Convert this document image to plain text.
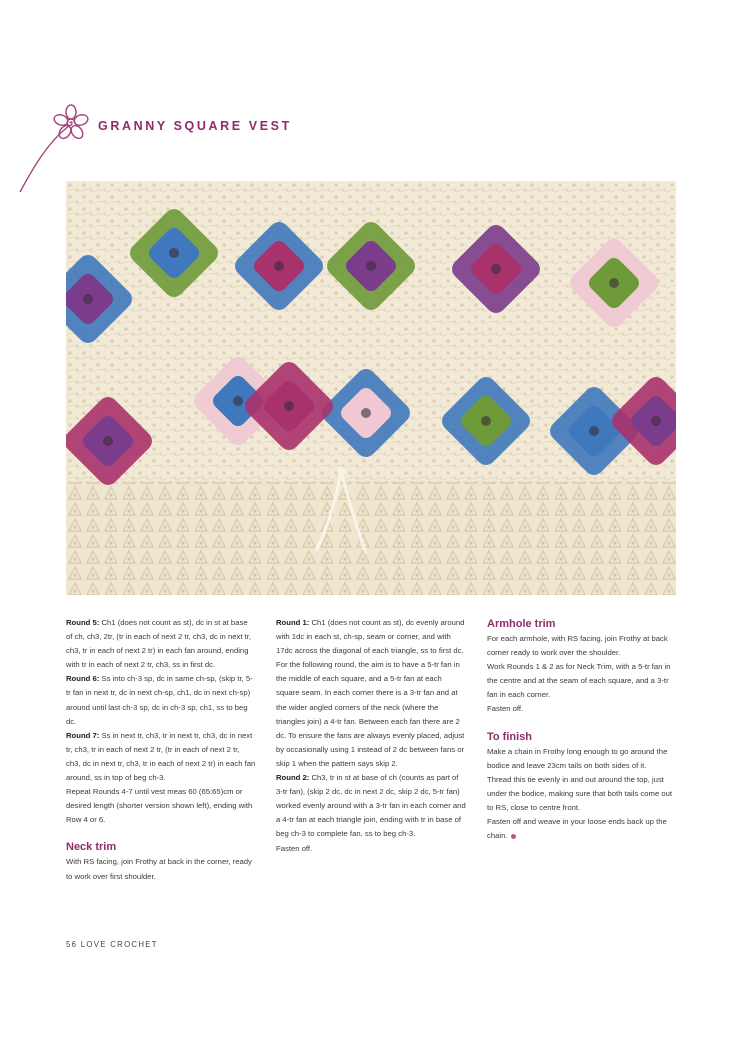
GRANNY SQUARE VEST

Round 5: Ch1 (does not count as st), dc in st at base of ch, ch3, 2tr, (tr in each of next 2 tr, ch3, dc in next tr, ch3, tr in each of next 2 tr) in each fan around, ending with tr in each of next 2 tr, ch3, ss in first dc.

Round 6: Ss into ch-3 sp, dc in same ch-sp, (skip tr, 5-tr fan in next tr, dc in next ch-sp, ch1, dc in next ch-sp) around until last ch-3 sp, dc in ch-3 sp, ch1, ss to beg dc.

Round 7: Ss in next tr, ch3, tr in next tr, ch3, dc in next tr, ch3, tr in each of next 2 tr, (tr in each of next 2 tr, ch3, dc in next tr, ch3, tr in each of next 2 tr) in each fan around, ss in top of beg ch-3.

Repeat Rounds 4-7 until vest meas 60 (65:65)cm or desired length (shorter version shown left), ending with Row 4 or 6.

Neck trim

With RS facing, join Frothy at back in the corner, ready to work over first shoulder.

Round 1: Ch1 (does not count as st), dc evenly around with 1dc in each st, ch-sp, seam or corner, and with 17dc across the diagonal of each triangle, ss to first dc.

For the following round, the aim is to have a 5-tr fan in the middle of each square, and a 5-tr fan at each square seam. In each corner there is a 3-tr fan and at the wider angled corners of the neck (where the triangles join) a 4-tr fan. Between each fan there are 2 dc. To ensure the fans are always evenly placed, adjust by occasionally using 1 instead of 2 dc between fans or skip 1 when the pattern says skip 2.

Round 2: Ch3, tr in st at base of ch (counts as part of 3-tr fan), (skip 2 dc, dc in next 2 dc, skip 2 dc, 5-tr fan) worked evenly around with a 3-tr fan in each corner and a 4-tr fan at each triangle join, ending with tr in base of beg ch-3 to complete fan, ss to beg ch-3.

Fasten off.

Armhole trim

For each armhole, with RS facing, join Frothy at back corner ready to work over the shoulder.

Work Rounds 1 & 2 as for Neck Trim, with a 5-tr fan in the centre and at the seam of each square, and a 3-tr fan in each corner.

Fasten off.

To finish

Make a chain in Frothy long enough to go around the bodice and leave 23cm tails on both sides of it.

Thread this tie evenly in and out around the top, just under the bodice, making sure that both tails come out to RS, close to centre front.

Fasten off and weave in your loose ends back up the chain.

56 LOVE CROCHET
